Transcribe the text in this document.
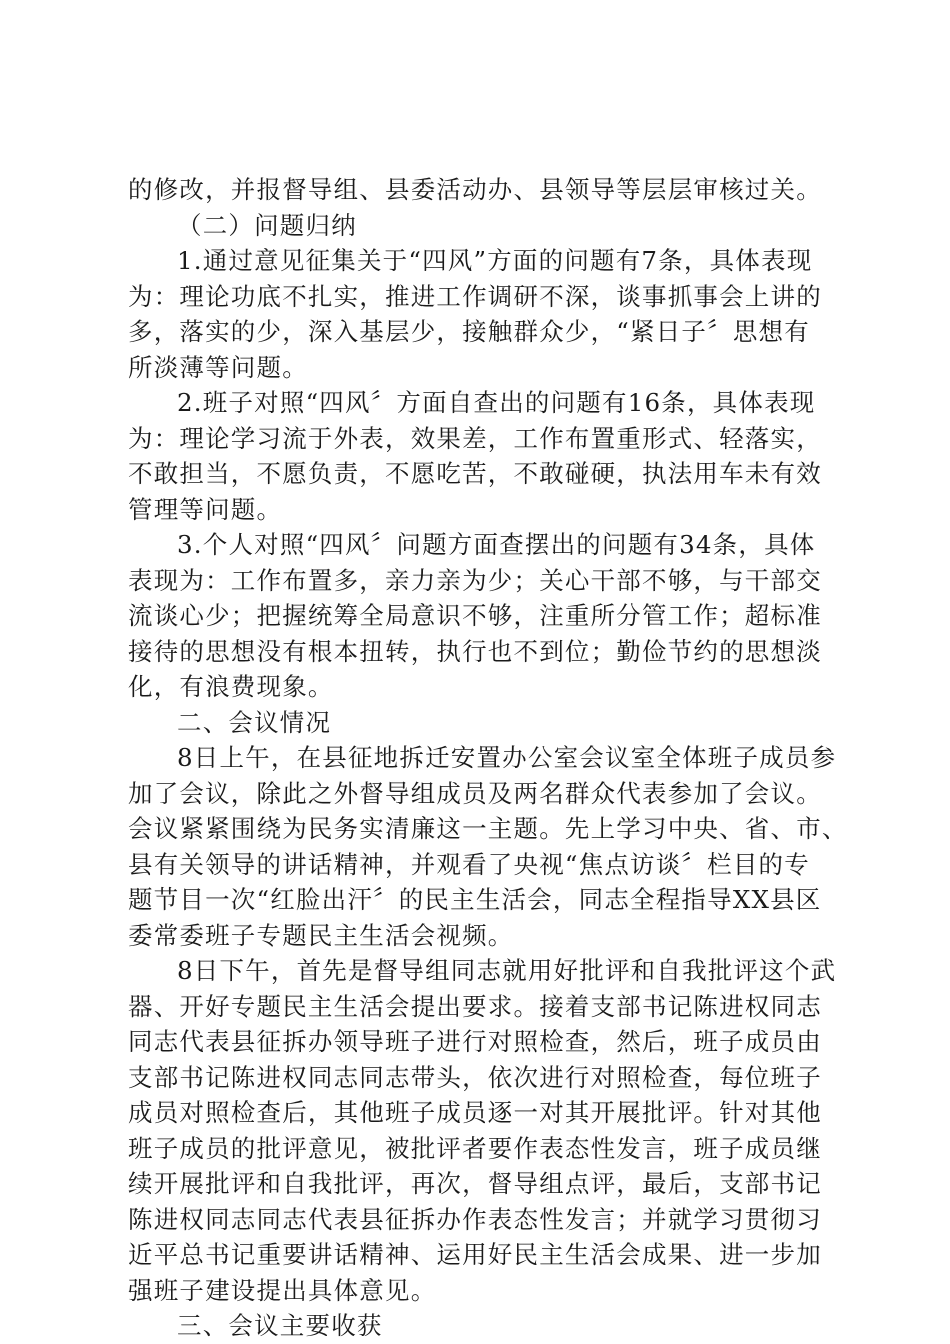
的修改，并报督导组、县委活动办、县领导等层层审核过关。
（二）问题归纳
1.通过意见征集关于“四风”方面的问题有7条，具体表现
为：理论功底不扎实，推进工作调研不深，谈事抓事会上讲的
多，落实的少，深入基层少，接触群众少，“紧日子〞思想有
所淡薄等问题。
2.班子对照“四风〞方面自查出的问题有16条，具体表现
为：理论学习流于外表，效果差，工作布置重形式、轻落实，
不敢担当，不愿负责，不愿吃苦，不敢碰硬，执法用车未有效
管理等问题。
3.个人对照“四风〞问题方面查摆出的问题有34条，具体
表现为：工作布置多，亲力亲为少；关心干部不够，与干部交
流谈心少；把握统筹全局意识不够，注重所分管工作；超标准
接待的思想没有根本扭转，执行也不到位；勤俭节约的思想淡
化，有浪费现象。
二、会议情况
8日上午，在县征地拆迁安置办公室会议室全体班子成员参
加了会议，除此之外督导组成员及两名群众代表参加了会议。
会议紧紧围绕为民务实清廉这一主题。先上学习中央、省、市、
县有关领导的讲话精神，并观看了央视“焦点访谈〞栏目的专
题节目一次“红脸出汗〞的民主生活会，同志全程指导XX县区
委常委班子专题民主生活会视频。
8日下午，首先是督导组同志就用好批评和自我批评这个武
器、开好专题民主生活会提出要求。接着支部书记陈进权同志
同志代表县征拆办领导班子进行对照检查，然后，班子成员由
支部书记陈进权同志同志带头，依次进行对照检查，每位班子
成员对照检查后，其他班子成员逐一对其开展批评。针对其他
班子成员的批评意见，被批评者要作表态性发言，班子成员继
续开展批评和自我批评，再次，督导组点评，最后，支部书记
陈进权同志同志代表县征拆办作表态性发言；并就学习贯彻习
近平总书记重要讲话精神、运用好民主生活会成果、进一步加
强班子建设提出具体意见。
三、会议主要收获
